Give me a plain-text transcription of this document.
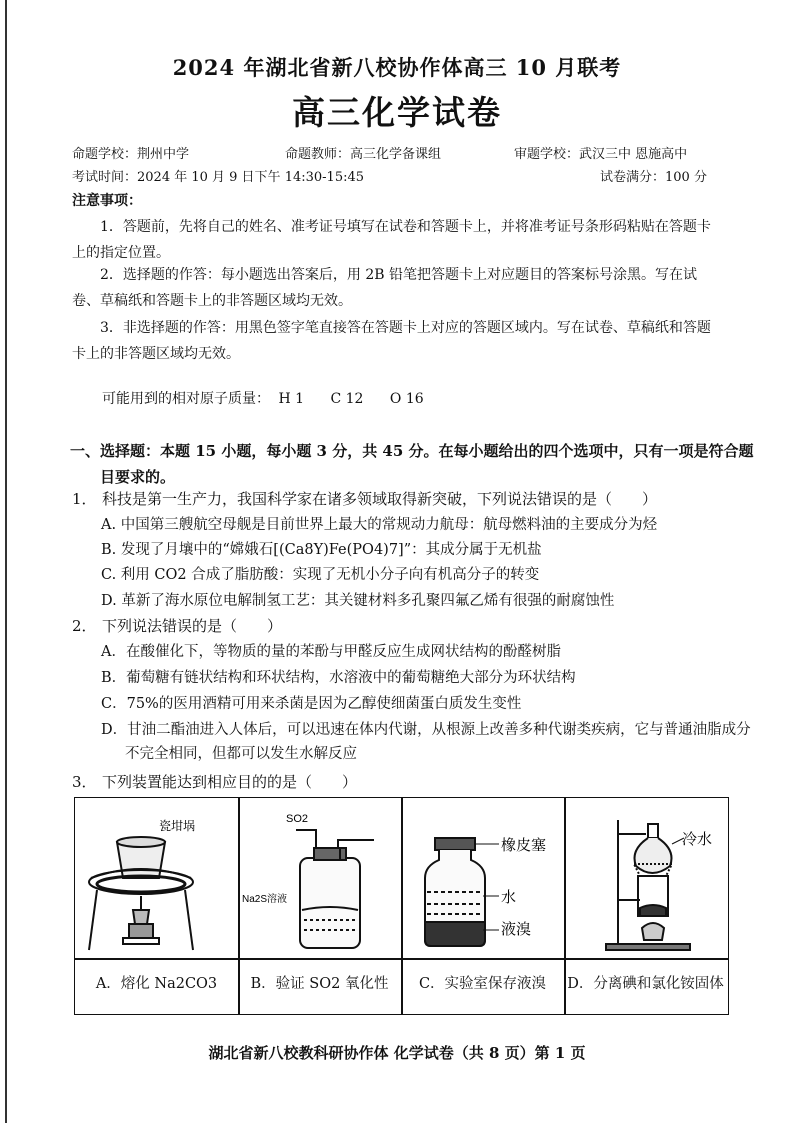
2024 年湖北省新八校协作体高三 10 月联考
高三化学试卷
命题学校：荆州中学	命题教师：高三化学备课组	审题学校：武汉三中 恩施高中
考试时间：2024 年 10 月 9 日下午 14:30-15:45	试卷满分：100 分
注意事项：
1．答题前，先将自己的姓名、准考证号填写在试卷和答题卡上，并将准考证号条形码粘贴在答题卡上的指定位置。
2．选择题的作答：每小题选出答案后，用 2B 铅笔把答题卡上对应题目的答案标号涂黑。写在试卷、草稿纸和答题卡上的非答题区域均无效。
3．非选择题的作答：用黑色签字笔直接答在答题卡上对应的答题区域内。写在试卷、草稿纸和答题卡上的非答题区域均无效。
可能用到的相对原子质量： H 1 C 12 O 16
一、选择题：本题 15 小题，每小题 3 分，共 45 分。在每小题给出的四个选项中，只有一项是符合题目要求的。
1． 科技是第一生产力，我国科学家在诸多领域取得新突破，下列说法错误的是（　　）
A. 中国第三艘航空母舰是目前世界上最大的常规动力航母：航母燃料油的主要成分为烃
B. 发现了月壤中的“嫦娥石[(Ca8Y)Fe(PO4)7]”：其成分属于无机盐
C. 利用 CO2 合成了脂肪酸：实现了无机小分子向有机高分子的转变
D. 革新了海水原位电解制氢工艺：其关键材料多孔聚四氟乙烯有很强的耐腐蚀性
2． 下列说法错误的是（　　）
A．在酸催化下，等物质的量的苯酚与甲醛反应生成网状结构的酚醛树脂
B．葡萄糖有链状结构和环状结构，水溶液中的葡萄糖绝大部分为环状结构
C．75%的医用酒精可用来杀菌是因为乙醇使细菌蛋白质发生变性
D．甘油二酯油进入人体后，可以迅速在体内代谢，从根源上改善多种代谢类疾病，它与普通油脂成分不完全相同，但都可以发生水解反应
3． 下列装置能达到相应目的的是（　　）
瓷坩埚	SO2
Na2S溶液
橡皮塞
水
液溴
冷水
A．熔化 Na2CO3	B．验证 SO2 氧化性	C．实验室保存液溴	D．分离碘和氯化铵固体
湖北省新八校教科研协作体 化学试卷（共 8 页）第 1 页
